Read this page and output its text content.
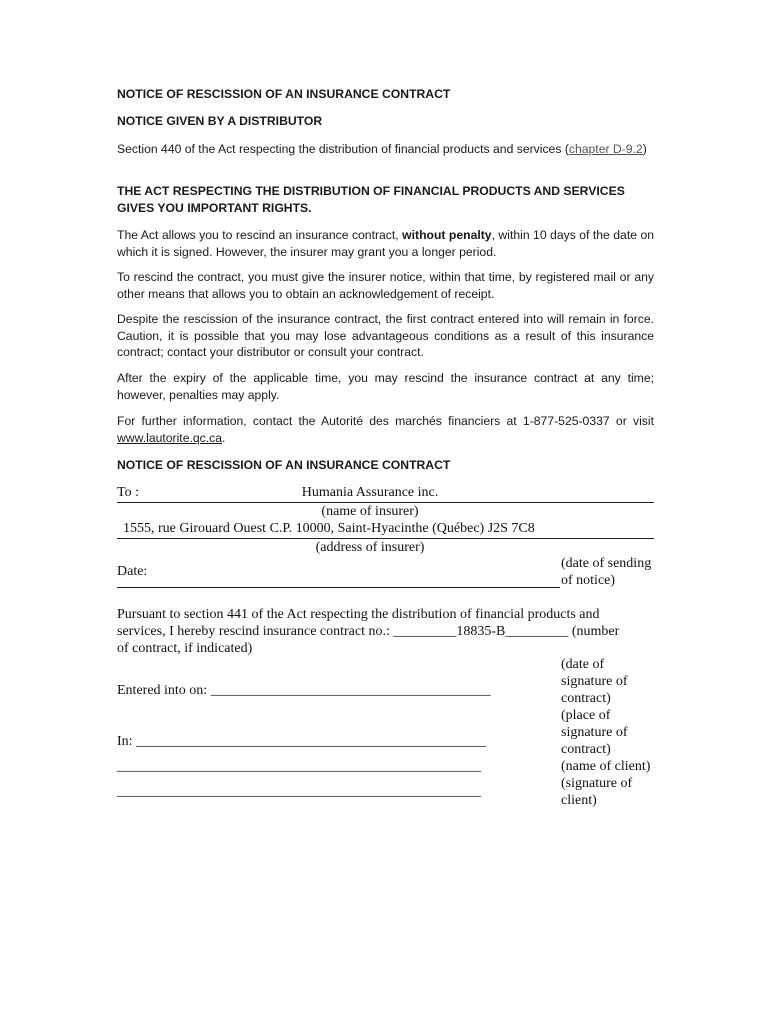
NOTICE OF RESCISSION OF AN INSURANCE CONTRACT
NOTICE GIVEN BY A DISTRIBUTOR
Section 440 of the Act respecting the distribution of financial products and services (chapter D-9.2)
THE ACT RESPECTING THE DISTRIBUTION OF FINANCIAL PRODUCTS AND SERVICES GIVES YOU IMPORTANT RIGHTS.
The Act allows you to rescind an insurance contract, without penalty, within 10 days of the date on which it is signed. However, the insurer may grant you a longer period.
To rescind the contract, you must give the insurer notice, within that time, by registered mail or any other means that allows you to obtain an acknowledgement of receipt.
Despite the rescission of the insurance contract, the first contract entered into will remain in force. Caution, it is possible that you may lose advantageous conditions as a result of this insurance contract; contact your distributor or consult your contract.
After the expiry of the applicable time, you may rescind the insurance contract at any time; however, penalties may apply.
For further information, contact the Autorité des marchés financiers at 1-877-525-0337 or visit www.lautorite.qc.ca.
NOTICE OF RESCISSION OF AN INSURANCE CONTRACT
To :	Humania Assurance inc.
(name of insurer)
1555, rue Girouard Ouest C.P. 10000, Saint-Hyacinthe (Québec) J2S 7C8
(address of insurer)
Date:
(date of sending
of notice)
Pursuant to section 441 of the Act respecting the distribution of financial products and
services, I hereby rescind insurance contract no.: _________18835-B_________ (number
of contract, if indicated)
(date of
signature of
contract)
Entered into on: ________________________________________
(place of
signature of
contract)
In: __________________________________________________
____________________________________________________	(name of client)
____________________________________________________
(signature of
client)
